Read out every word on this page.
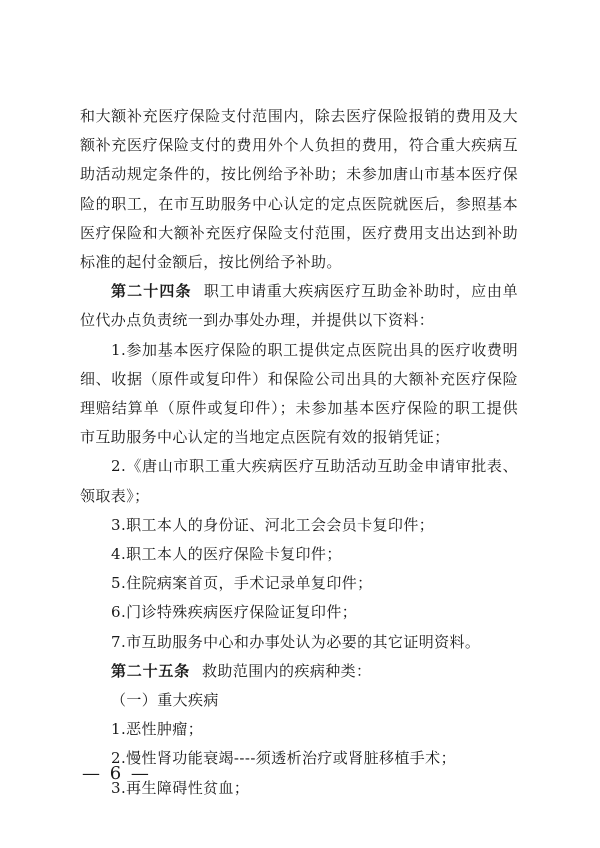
和大额补充医疗保险支付范围内，除去医疗保险报销的费用及大额补充医疗保险支付的费用外个人负担的费用，符合重大疾病互助活动规定条件的，按比例给予补助；未参加唐山市基本医疗保险的职工，在市互助服务中心认定的定点医院就医后，参照基本医疗保险和大额补充医疗保险支付范围，医疗费用支出达到补助标准的起付金额后，按比例给予补助。

第二十四条 职工申请重大疾病医疗互助金补助时，应由单位代办点负责统一到办事处办理，并提供以下资料：

1.参加基本医疗保险的职工提供定点医院出具的医疗收费明细、收据（原件或复印件）和保险公司出具的大额补充医疗保险理赔结算单（原件或复印件）；未参加基本医疗保险的职工提供市互助服务中心认定的当地定点医院有效的报销凭证；

2.《唐山市职工重大疾病医疗互助活动互助金申请审批表、领取表》；

3.职工本人的身份证、河北工会会员卡复印件；

4.职工本人的医疗保险卡复印件；

5.住院病案首页，手术记录单复印件；

6.门诊特殊疾病医疗保险证复印件；

7.市互助服务中心和办事处认为必要的其它证明资料。

第二十五条 救助范围内的疾病种类：

（一）重大疾病

1.恶性肿瘤；

2.慢性肾功能衰竭----须透析治疗或肾脏移植手术；

3.再生障碍性贫血；

— 6 —
